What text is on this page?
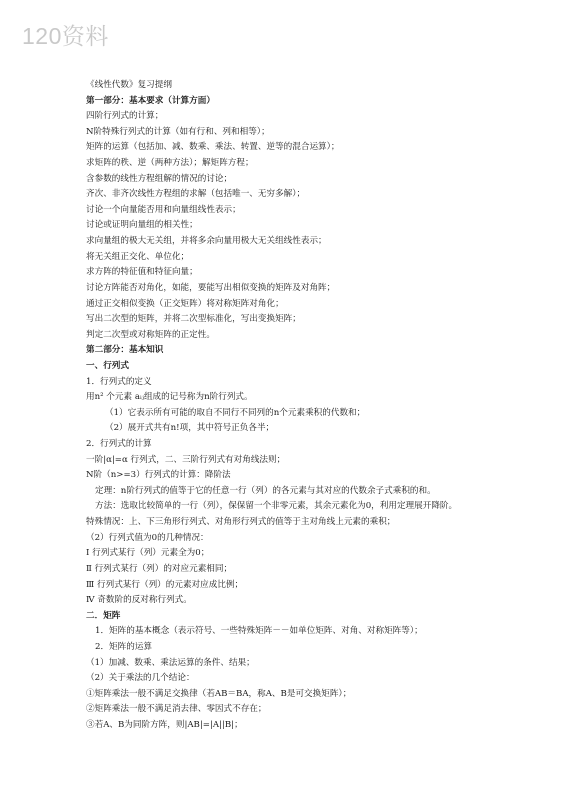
120资料
《线性代数》复习提纲
第一部分：基本要求（计算方面）
四阶行列式的计算；
N阶特殊行列式的计算（如有行和、列和相等）；
矩阵的运算（包括加、减、数乘、乘法、转置、逆等的混合运算）；
求矩阵的秩、逆（两种方法）；解矩阵方程；
含参数的线性方程组解的情况的讨论；
齐次、非齐次线性方程组的求解（包括唯一、无穷多解）；
讨论一个向量能否用和向量组线性表示；
讨论或证明向量组的相关性；
求向量组的极大无关组，并将多余向量用极大无关组线性表示；
将无关组正交化、单位化；
求方阵的特征值和特征向量；
讨论方阵能否对角化，如能，要能写出相似变换的矩阵及对角阵；
通过正交相似变换（正交矩阵）将对称矩阵对角化；
写出二次型的矩阵，并将二次型标准化，写出变换矩阵；
判定二次型或对称矩阵的正定性。
第二部分：基本知识
一、行列式
1．行列式的定义
用n² 个元素 aᵢⱼ组成的记号称为n阶行列式。
（1）它表示所有可能的取自不同行不同列的n个元素乘积的代数和；
（2）展开式共有n!项，其中符号正负各半；
2．行列式的计算
一阶|α|=α 行列式，二、三阶行列式有对角线法则；
N阶（n>=3）行列式的计算：降阶法
定理：n阶行列式的值等于它的任意一行（列）的各元素与其对应的代数余子式乘积的和。
方法：选取比较简单的一行（列），保保留一个非零元素，其余元素化为0，利用定理展开降阶。
特殊情况：上、下三角形行列式、对角形行列式的值等于主对角线上元素的乘积；
（2）行列式值为0的几种情况：
Ⅰ 行列式某行（列）元素全为0；
Ⅱ 行列式某行（列）的对应元素相同；
Ⅲ 行列式某行（列）的元素对应成比例；
Ⅳ 奇数阶的反对称行列式。
二．矩阵
1．矩阵的基本概念（表示符号、一些特殊矩阵－－如单位矩阵、对角、对称矩阵等）；
2．矩阵的运算
（1）加减、数乘、乘法运算的条件、结果；
（2）关于乘法的几个结论：
①矩阵乘法一般不满足交换律（若AB＝BA，称A、B是可交换矩阵）；
②矩阵乘法一般不满足消去律、零因式不存在；
③若A、B为同阶方阵，则|AB|=|A||B|；
